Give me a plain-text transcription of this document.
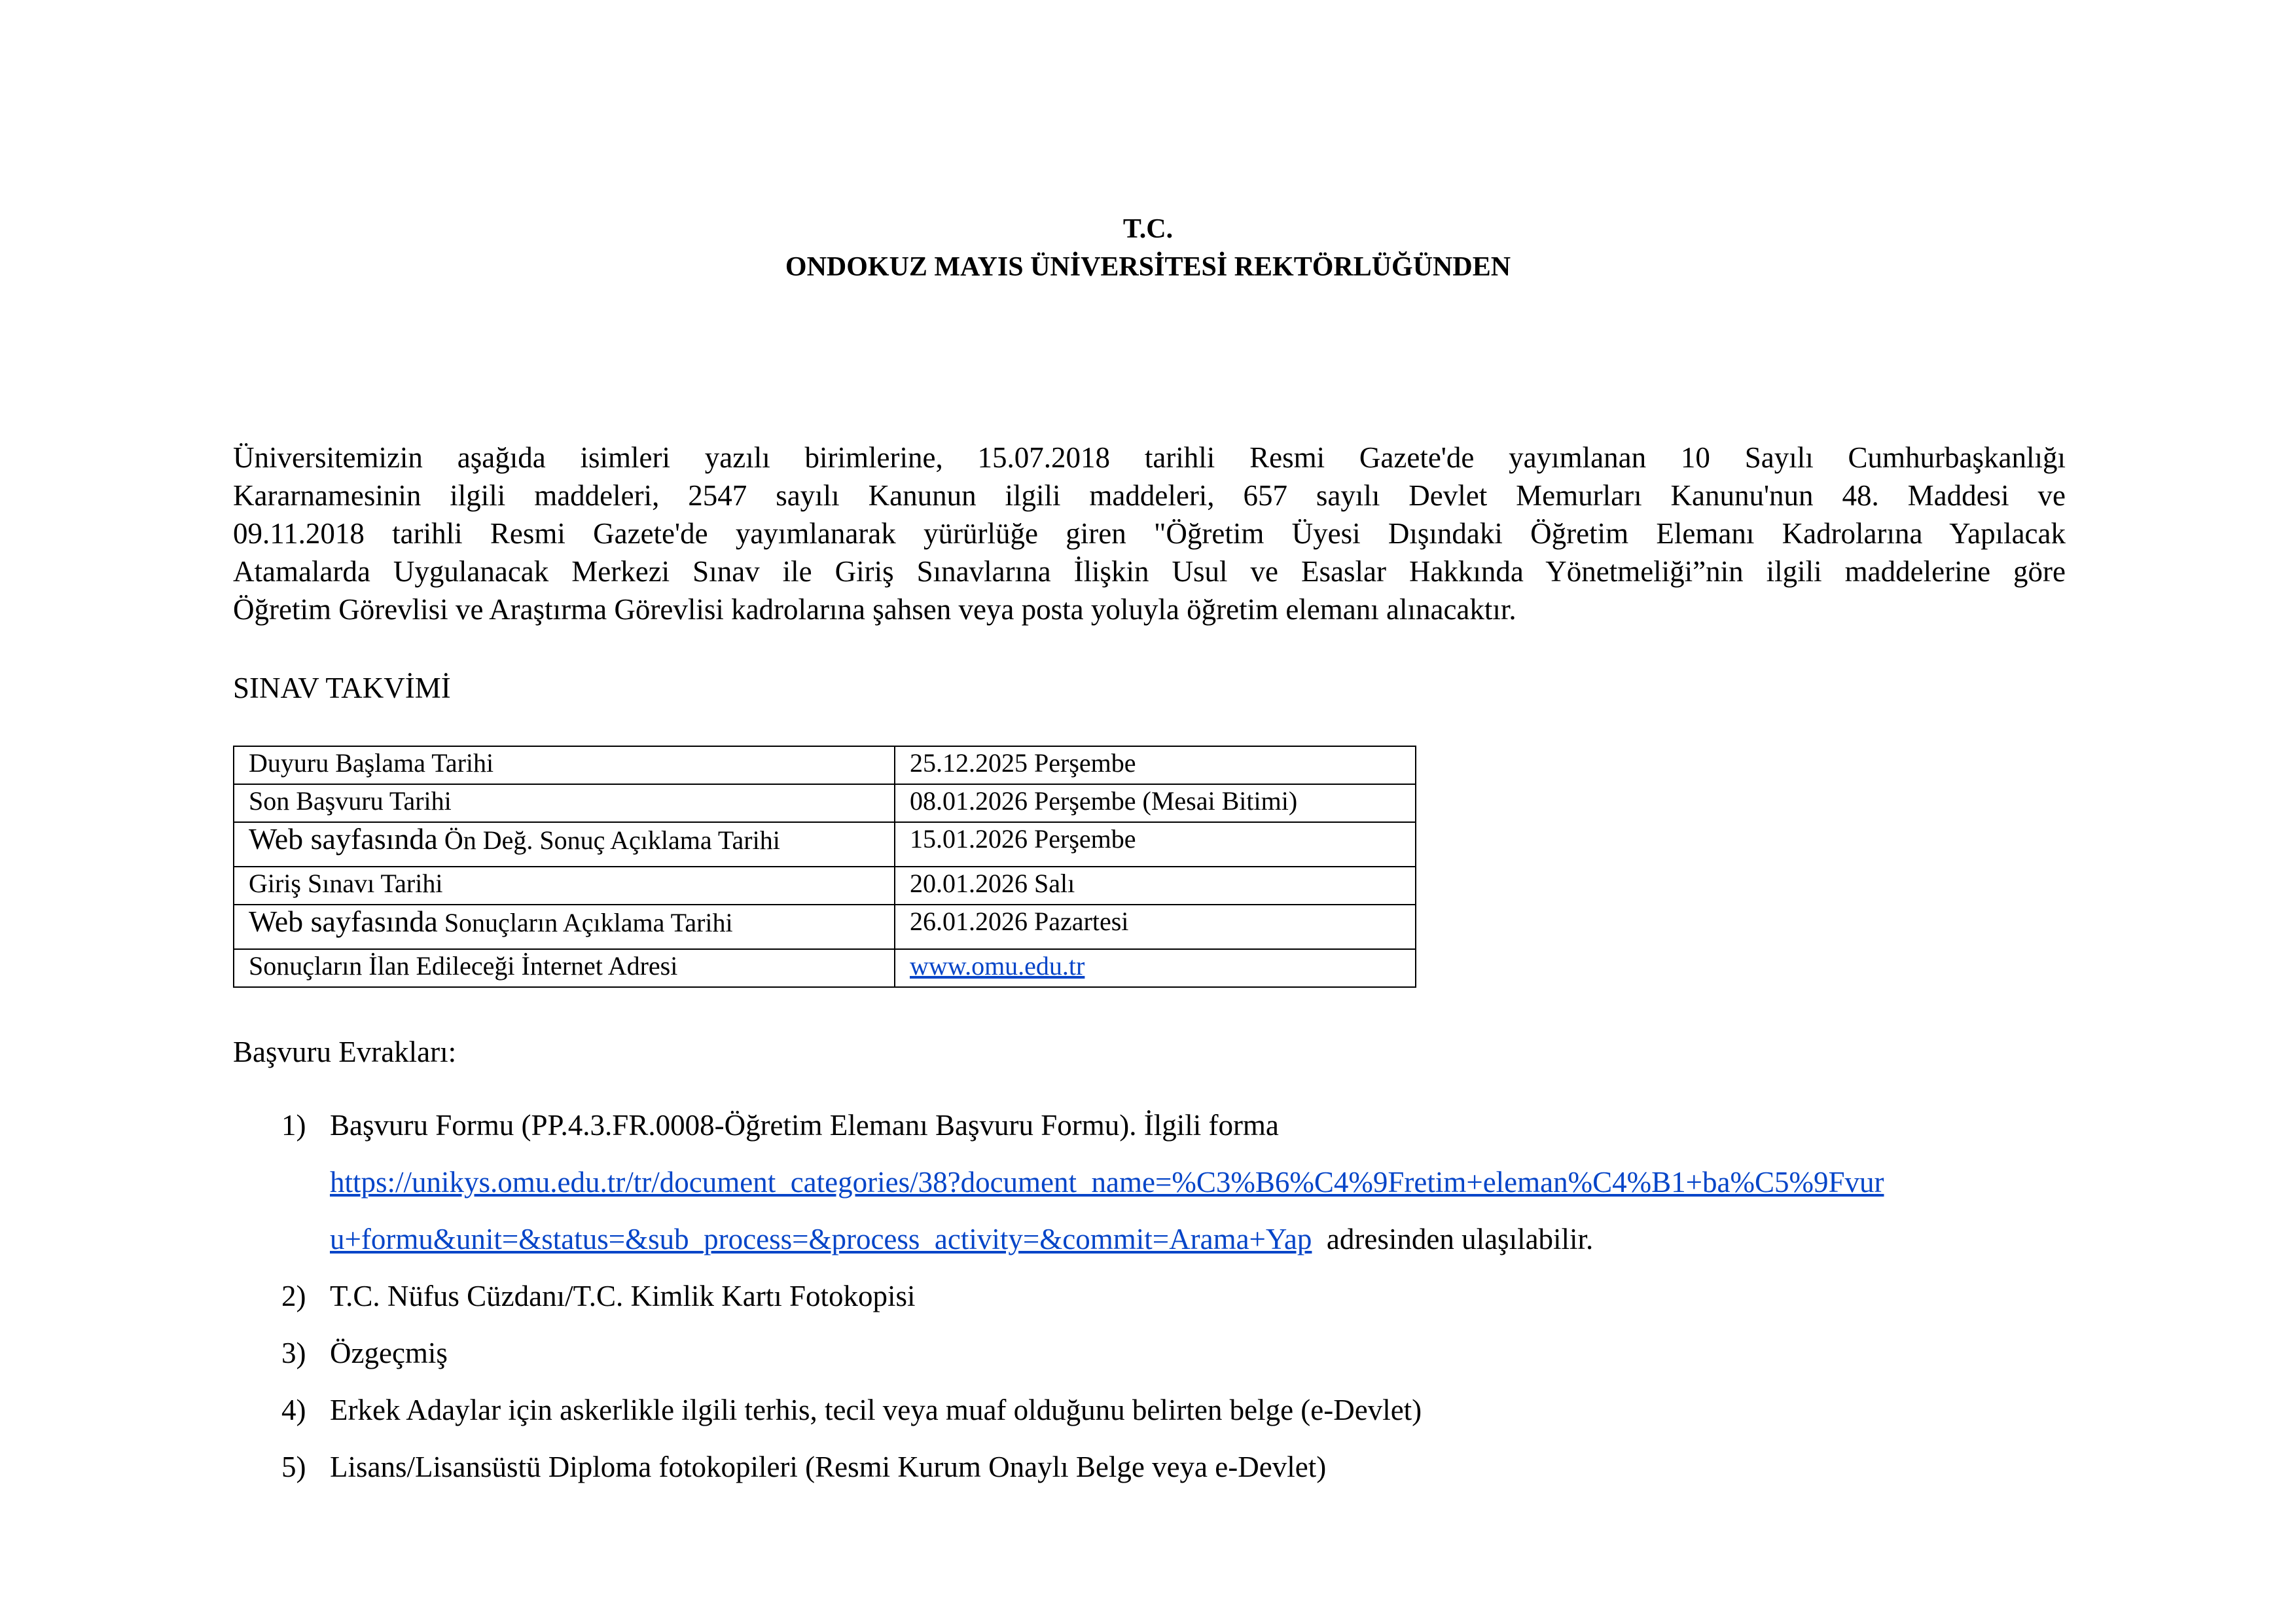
T.C.
ONDOKUZ MAYIS ÜNİVERSİTESİ REKTÖRLÜĞÜNDEN
Üniversitemizin aşağıda isimleri yazılı birimlerine, 15.07.2018 tarihli Resmi Gazete'de yayımlanan 10 Sayılı Cumhurbaşkanlığı
Kararnamesinin ilgili maddeleri, 2547 sayılı Kanunun ilgili maddeleri, 657 sayılı Devlet Memurları Kanunu'nun 48. Maddesi ve
09.11.2018 tarihli Resmi Gazete'de yayımlanarak yürürlüğe giren "Öğretim Üyesi Dışındaki Öğretim Elemanı Kadrolarına Yapılacak
Atamalarda Uygulanacak Merkezi Sınav ile Giriş Sınavlarına İlişkin Usul ve Esaslar Hakkında Yönetmeliği”nin ilgili maddelerine göre
Öğretim Görevlisi ve Araştırma Görevlisi kadrolarına şahsen veya posta yoluyla öğretim elemanı alınacaktır.
SINAV TAKVİMİ
Duyuru Başlama Tarihi	25.12.2025 Perşembe
Son Başvuru Tarihi	08.01.2026 Perşembe (Mesai Bitimi)
Web sayfasında Ön Değ. Sonuç Açıklama Tarihi	15.01.2026 Perşembe
Giriş Sınavı Tarihi	20.01.2026 Salı
Web sayfasında Sonuçların Açıklama Tarihi	26.01.2026 Pazartesi
Sonuçların İlan Edileceği İnternet Adresi	www.omu.edu.tr
Başvuru Evrakları:
1) Başvuru Formu (PP.4.3.FR.0008-Öğretim Elemanı Başvuru Formu). İlgili forma
https://unikys.omu.edu.tr/tr/document_categories/38?document_name=%C3%B6%C4%9Fretim+eleman%C4%B1+ba%C5%9Fvur
u+formu&unit=&status=&sub_process=&process_activity=&commit=Arama+Yap adresinden ulaşılabilir.
2) T.C. Nüfus Cüzdanı/T.C. Kimlik Kartı Fotokopisi
3) Özgeçmiş
4) Erkek Adaylar için askerlikle ilgili terhis, tecil veya muaf olduğunu belirten belge (e-Devlet)
5) Lisans/Lisansüstü Diploma fotokopileri (Resmi Kurum Onaylı Belge veya e-Devlet)
